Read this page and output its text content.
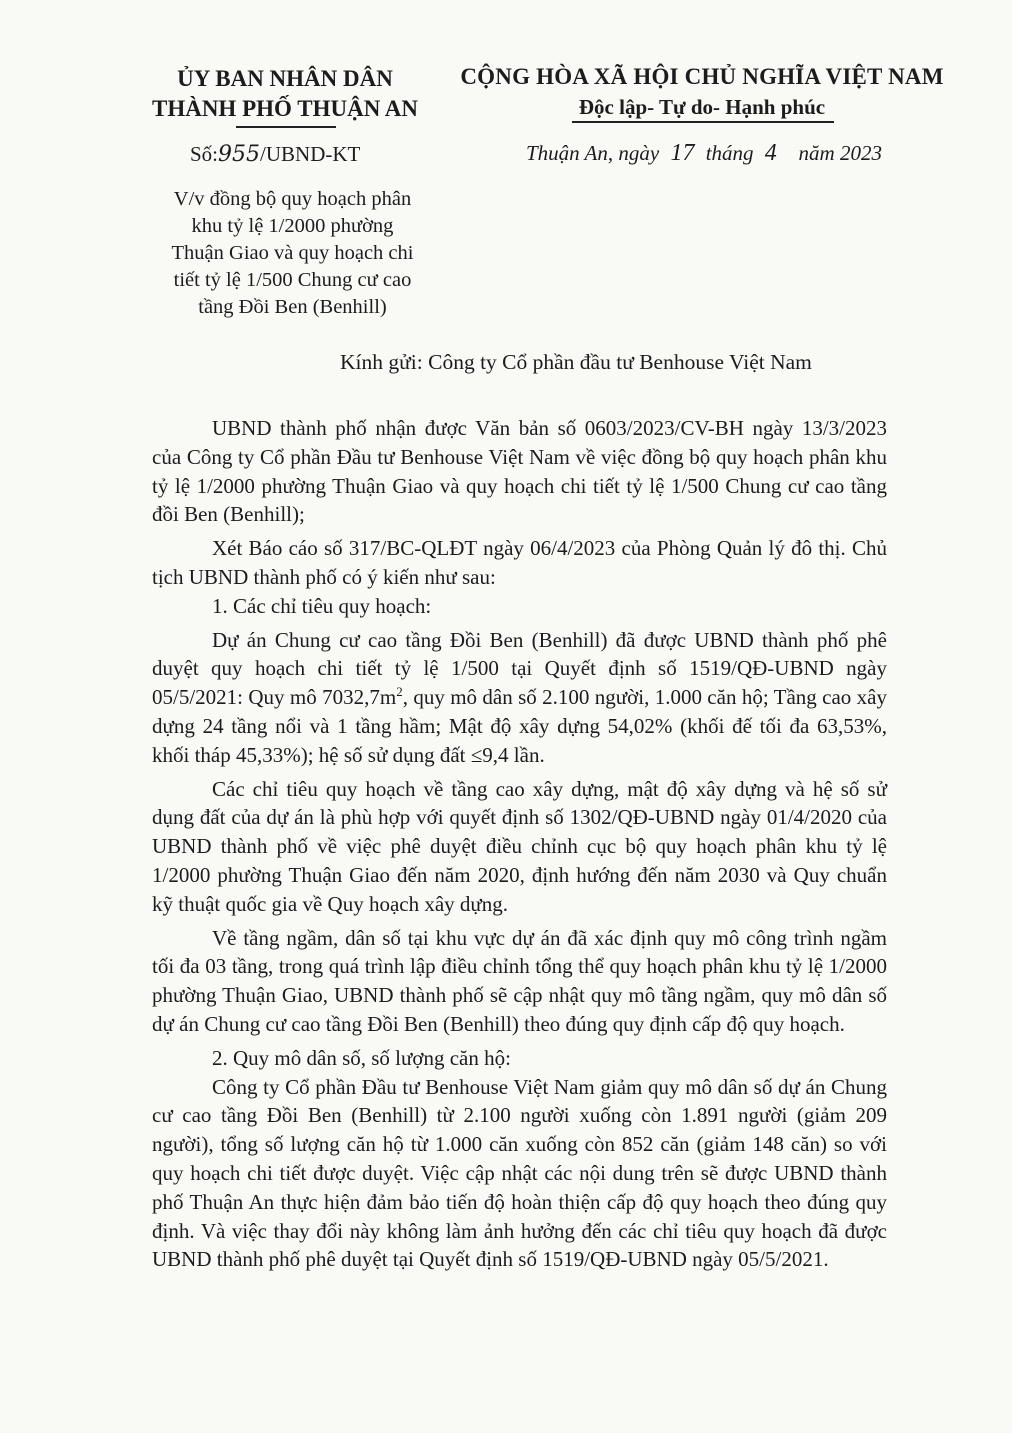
ỦY BAN NHÂN DÂN
THÀNH PHỐ THUẬN AN
CỘNG HÒA XÃ HỘI CHỦ NGHĨA VIỆT NAM
Độc lập- Tự do- Hạnh phúc
Số:955/UBND-KT	Thuận An, ngày 17 tháng 4 năm 2023
V/v đồng bộ quy hoạch phân
khu tỷ lệ 1/2000 phường
Thuận Giao và quy hoạch chi
tiết tỷ lệ 1/500 Chung cư cao
tầng Đồi Ben (Benhill)
Kính gửi: Công ty Cổ phần đầu tư Benhouse Việt Nam

UBND thành phố nhận được Văn bản số 0603/2023/CV-BH ngày 13/3/2023 của Công ty Cổ phần Đầu tư Benhouse Việt Nam về việc đồng bộ quy hoạch phân khu tỷ lệ 1/2000 phường Thuận Giao và quy hoạch chi tiết tỷ lệ 1/500 Chung cư cao tầng đồi Ben (Benhill);

Xét Báo cáo số 317/BC-QLĐT ngày 06/4/2023 của Phòng Quản lý đô thị. Chủ tịch UBND thành phố có ý kiến như sau:

1. Các chỉ tiêu quy hoạch:

Dự án Chung cư cao tầng Đồi Ben (Benhill) đã được UBND thành phố phê duyệt quy hoạch chi tiết tỷ lệ 1/500 tại Quyết định số 1519/QĐ-UBND ngày 05/5/2021: Quy mô $7032,7m^2$, quy mô dân số 2.100 người, 1.000 căn hộ; Tầng cao xây dựng 24 tầng nổi và 1 tầng hầm; Mật độ xây dựng 54,02% (khối đế tối đa 63,53%, khối tháp 45,33%); hệ số sử dụng đất ≤9,4 lần.

Các chỉ tiêu quy hoạch về tầng cao xây dựng, mật độ xây dựng và hệ số sử dụng đất của dự án là phù hợp với quyết định số 1302/QĐ-UBND ngày 01/4/2020 của UBND thành phố về việc phê duyệt điều chỉnh cục bộ quy hoạch phân khu tỷ lệ 1/2000 phường Thuận Giao đến năm 2020, định hướng đến năm 2030 và Quy chuẩn kỹ thuật quốc gia về Quy hoạch xây dựng.

Về tầng ngầm, dân số tại khu vực dự án đã xác định quy mô công trình ngầm tối đa 03 tầng, trong quá trình lập điều chỉnh tổng thể quy hoạch phân khu tỷ lệ 1/2000 phường Thuận Giao, UBND thành phố sẽ cập nhật quy mô tầng ngầm, quy mô dân số dự án Chung cư cao tầng Đồi Ben (Benhill) theo đúng quy định cấp độ quy hoạch.

2. Quy mô dân số, số lượng căn hộ:

Công ty Cổ phần Đầu tư Benhouse Việt Nam giảm quy mô dân số dự án Chung cư cao tầng Đồi Ben (Benhill) từ 2.100 người xuống còn 1.891 người (giảm 209 người), tổng số lượng căn hộ từ 1.000 căn xuống còn 852 căn (giảm 148 căn) so với quy hoạch chi tiết được duyệt. Việc cập nhật các nội dung trên sẽ được UBND thành phố Thuận An thực hiện đảm bảo tiến độ hoàn thiện cấp độ quy hoạch theo đúng quy định. Và việc thay đổi này không làm ảnh hưởng đến các chỉ tiêu quy hoạch đã được UBND thành phố phê duyệt tại Quyết định số 1519/QĐ-UBND ngày 05/5/2021.
